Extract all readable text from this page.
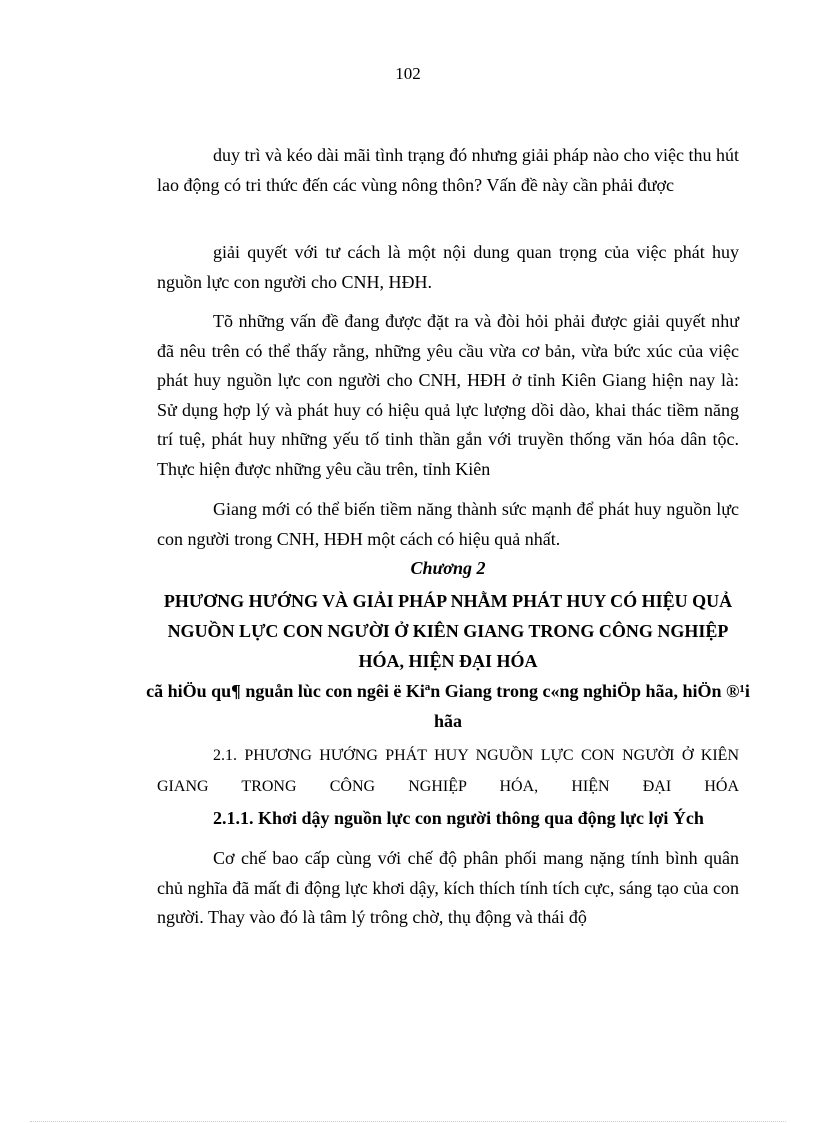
102

duy trì và kéo dài mãi tình trạng đó nhưng giải pháp nào cho việc thu hút lao động có tri thức đến các vùng nông thôn? Vấn đề này cần phải được

giải quyết với tư cách là một nội dung quan trọng của việc phát huy nguồn lực con người cho CNH, HĐH.

Tõ những vấn đề đang được đặt ra và đòi hỏi phải được giải quyết như đã nêu trên có thể thấy rằng, những yêu cầu vừa cơ bản, vừa bức xúc của việc phát huy nguồn lực con người cho CNH, HĐH ở tỉnh Kiên Giang hiện nay là: Sử dụng hợp lý và phát huy có hiệu quả lực lượng dồi dào, khai thác tiềm năng trí tuệ, phát huy những yếu tố tinh thần gắn với truyền thống văn hóa dân tộc. Thực hiện được những yêu cầu trên, tỉnh Kiên

Giang mới có thể biến tiềm năng thành sức mạnh để phát huy nguồn lực con người trong CNH, HĐH một cách có hiệu quả nhất.

Chương 2
PHƯƠNG HƯỚNG VÀ GIẢI PHÁP NHẰM PHÁT HUY CÓ HIỆU QUẢ NGUỒN LỰC CON NGƯỜI Ở KIÊN GIANG TRONG CÔNG NGHIỆP HÓA, HIỆN ĐẠI HÓA
cã hiÖu qu¶ nguån lùc con ngêi ë Kiªn Giang trong c«ng nghiÖp hãa, hiÖn ®¹i hãa
2.1. PHƯƠNG HƯỚNG PHÁT HUY NGUỒN LỰC CON NGƯỜI Ở KIÊN GIANG TRONG CÔNG NGHIỆP HÓA, HIỆN ĐẠI HÓA
2.1.1. Khơi dậy nguồn lực con người thông qua động lực lợi Ých

Cơ chế bao cấp cùng với chế độ phân phối mang nặng tính bình quân chủ nghĩa đã mất đi động lực khơi dậy, kích thích tính tích cực, sáng tạo của con người. Thay vào đó là tâm lý trông chờ, thụ động và thái độ
